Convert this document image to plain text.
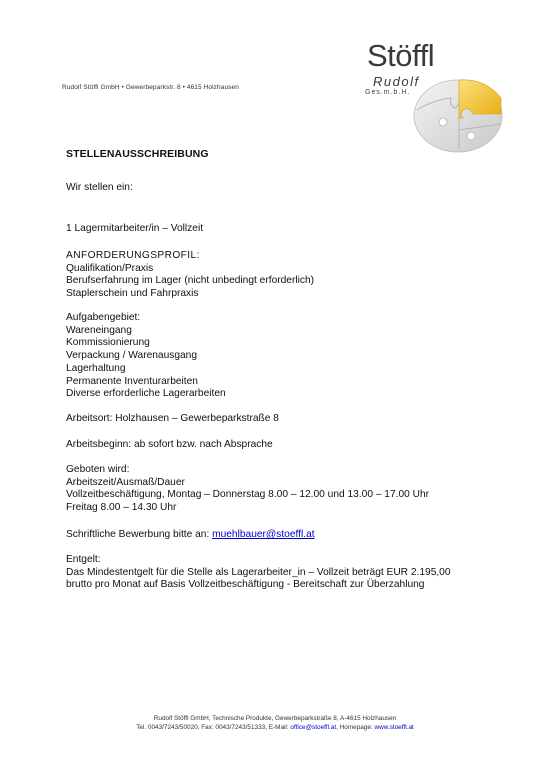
Rudolf Stöffl GmbH • Gewerbeparkstr. 8 • 4615 Holzhausen
Stöffl
Rudolf
Ges.m.b.H.
STELLENAUSSCHREIBUNG
Wir stellen ein:
1 Lagermitarbeiter/in – Vollzeit
ANFORDERUNGSPROFIL:
Qualifikation/Praxis
Berufserfahrung im Lager (nicht unbedingt erforderlich)
Staplerschein und Fahrpraxis
Aufgabengebiet:
Wareneingang
Kommissionierung
Verpackung / Warenausgang
Lagerhaltung
Permanente Inventurarbeiten
Diverse erforderliche Lagerarbeiten
Arbeitsort: Holzhausen – Gewerbeparkstraße 8
Arbeitsbeginn: ab sofort bzw. nach Absprache
Geboten wird:
Arbeitszeit/Ausmaß/Dauer
Vollzeitbeschäftigung, Montag – Donnerstag 8.00 – 12.00 und 13.00 – 17.00 Uhr
Freitag 8.00 – 14.30 Uhr
Schriftliche Bewerbung bitte an: muehlbauer@stoeffl.at
Entgelt:
Das Mindestentgelt für die Stelle als Lagerarbeiter_in – Vollzeit beträgt EUR 2.195,00
brutto pro Monat auf Basis Vollzeitbeschäftigung - Bereitschaft zur Überzahlung
Rudolf Stöffl GmbH, Technische Produkte, Gewerbeparkstraße 8, A-4615 Holzhausen
Tel. 0043/7243/50020, Fax: 0043/7243/51333, E-Mail: office@stoeffl.at, Homepage: www.stoeffl.at
